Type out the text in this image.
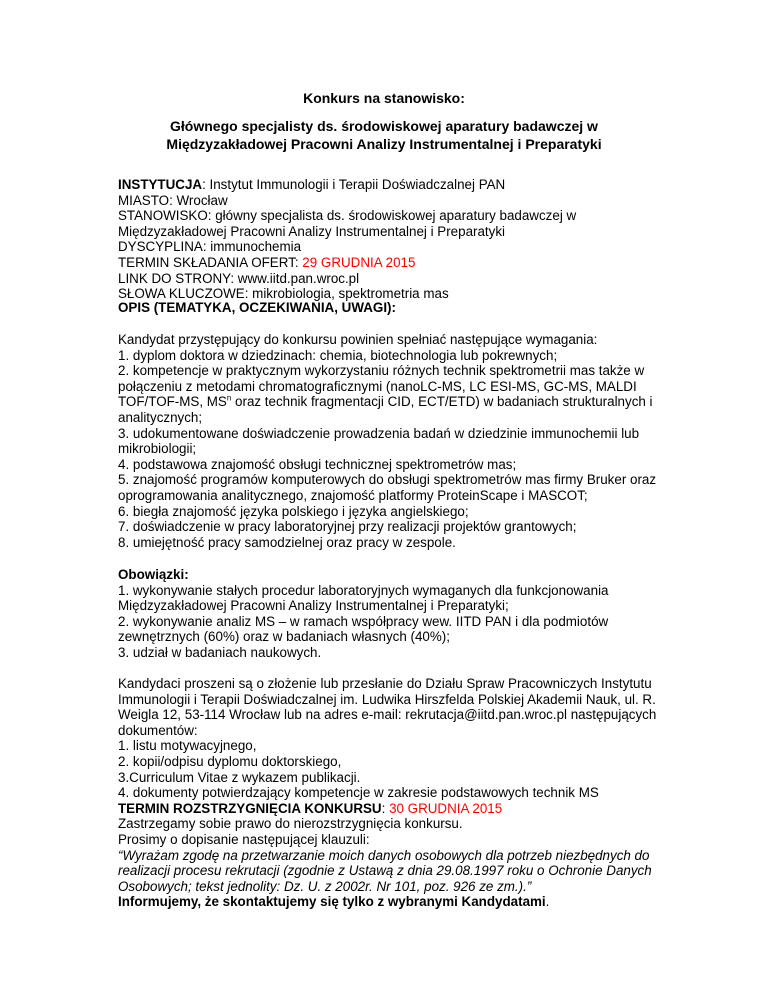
Konkurs na stanowisko:
Głównego specjalisty ds. środowiskowej aparatury badawczej w
Międzyzakładowej Pracowni Analizy Instrumentalnej i Preparatyki
INSTYTUCJA: Instytut Immunologii i Terapii Doświadczalnej PAN
MIASTO: Wrocław
STANOWISKO: główny specjalista ds. środowiskowej aparatury badawczej w
Międzyzakładowej Pracowni Analizy Instrumentalnej i Preparatyki
DYSCYPLINA: immunochemia
TERMIN SKŁADANIA OFERT: 29 GRUDNIA 2015
LINK DO STRONY: www.iitd.pan.wroc.pl
SŁOWA KLUCZOWE: mikrobiologia, spektrometria mas
OPIS (TEMATYKA, OCZEKIWANIA, UWAGI):
Kandydat przystępujący do konkursu powinien spełniać następujące wymagania:
1. dyplom doktora w dziedzinach: chemia, biotechnologia lub pokrewnych;
2. kompetencje w praktycznym wykorzystaniu różnych technik spektrometrii mas także w
połączeniu z metodami chromatograficznymi (nanoLC-MS, LC ESI-MS, GC-MS, MALDI
TOF/TOF-MS, $MS^n$ oraz technik fragmentacji CID, ECT/ETD) w badaniach strukturalnych i
analitycznych;
3. udokumentowane doświadczenie prowadzenia badań w dziedzinie immunochemii lub
mikrobiologii;
4. podstawowa znajomość obsługi technicznej spektrometrów mas;
5. znajomość programów komputerowych do obsługi spektrometrów mas firmy Bruker oraz
oprogramowania analitycznego, znajomość platformy ProteinScape i MASCOT;
6. biegła znajomość języka polskiego i języka angielskiego;
7. doświadczenie w pracy laboratoryjnej przy realizacji projektów grantowych;
8. umiejętność pracy samodzielnej oraz pracy w zespole.
Obowiązki:
1. wykonywanie stałych procedur laboratoryjnych wymaganych dla funkcjonowania
Międzyzakładowej Pracowni Analizy Instrumentalnej i Preparatyki;
2. wykonywanie analiz MS – w ramach współpracy wew. IITD PAN i dla podmiotów
zewnętrznych (60%) oraz w badaniach własnych (40%);
3. udział w badaniach naukowych.
Kandydaci proszeni są o złożenie lub przesłanie do Działu Spraw Pracowniczych Instytutu
Immunologii i Terapii Doświadczalnej im. Ludwika Hirszfelda Polskiej Akademii Nauk, ul. R.
Weigla 12, 53-114 Wrocław lub na adres e-mail: rekrutacja@iitd.pan.wroc.pl następujących
dokumentów:
1. listu motywacyjnego,
2. kopii/odpisu dyplomu doktorskiego,
3.Curriculum Vitae z wykazem publikacji.
4. dokumenty potwierdzający kompetencje w zakresie podstawowych technik MS
TERMIN ROZSTRZYGNIĘCIA KONKURSU: 30 GRUDNIA 2015
Zastrzegamy sobie prawo do nierozstrzygnięcia konkursu.
Prosimy o dopisanie następującej klauzuli:
“Wyrażam zgodę na przetwarzanie moich danych osobowych dla potrzeb niezbędnych do
realizacji procesu rekrutacji (zgodnie z Ustawą z dnia 29.08.1997 roku o Ochronie Danych
Osobowych; tekst jednolity: Dz. U. z 2002r. Nr 101, poz. 926 ze zm.).”
Informujemy, że skontaktujemy się tylko z wybranymi Kandydatami.
